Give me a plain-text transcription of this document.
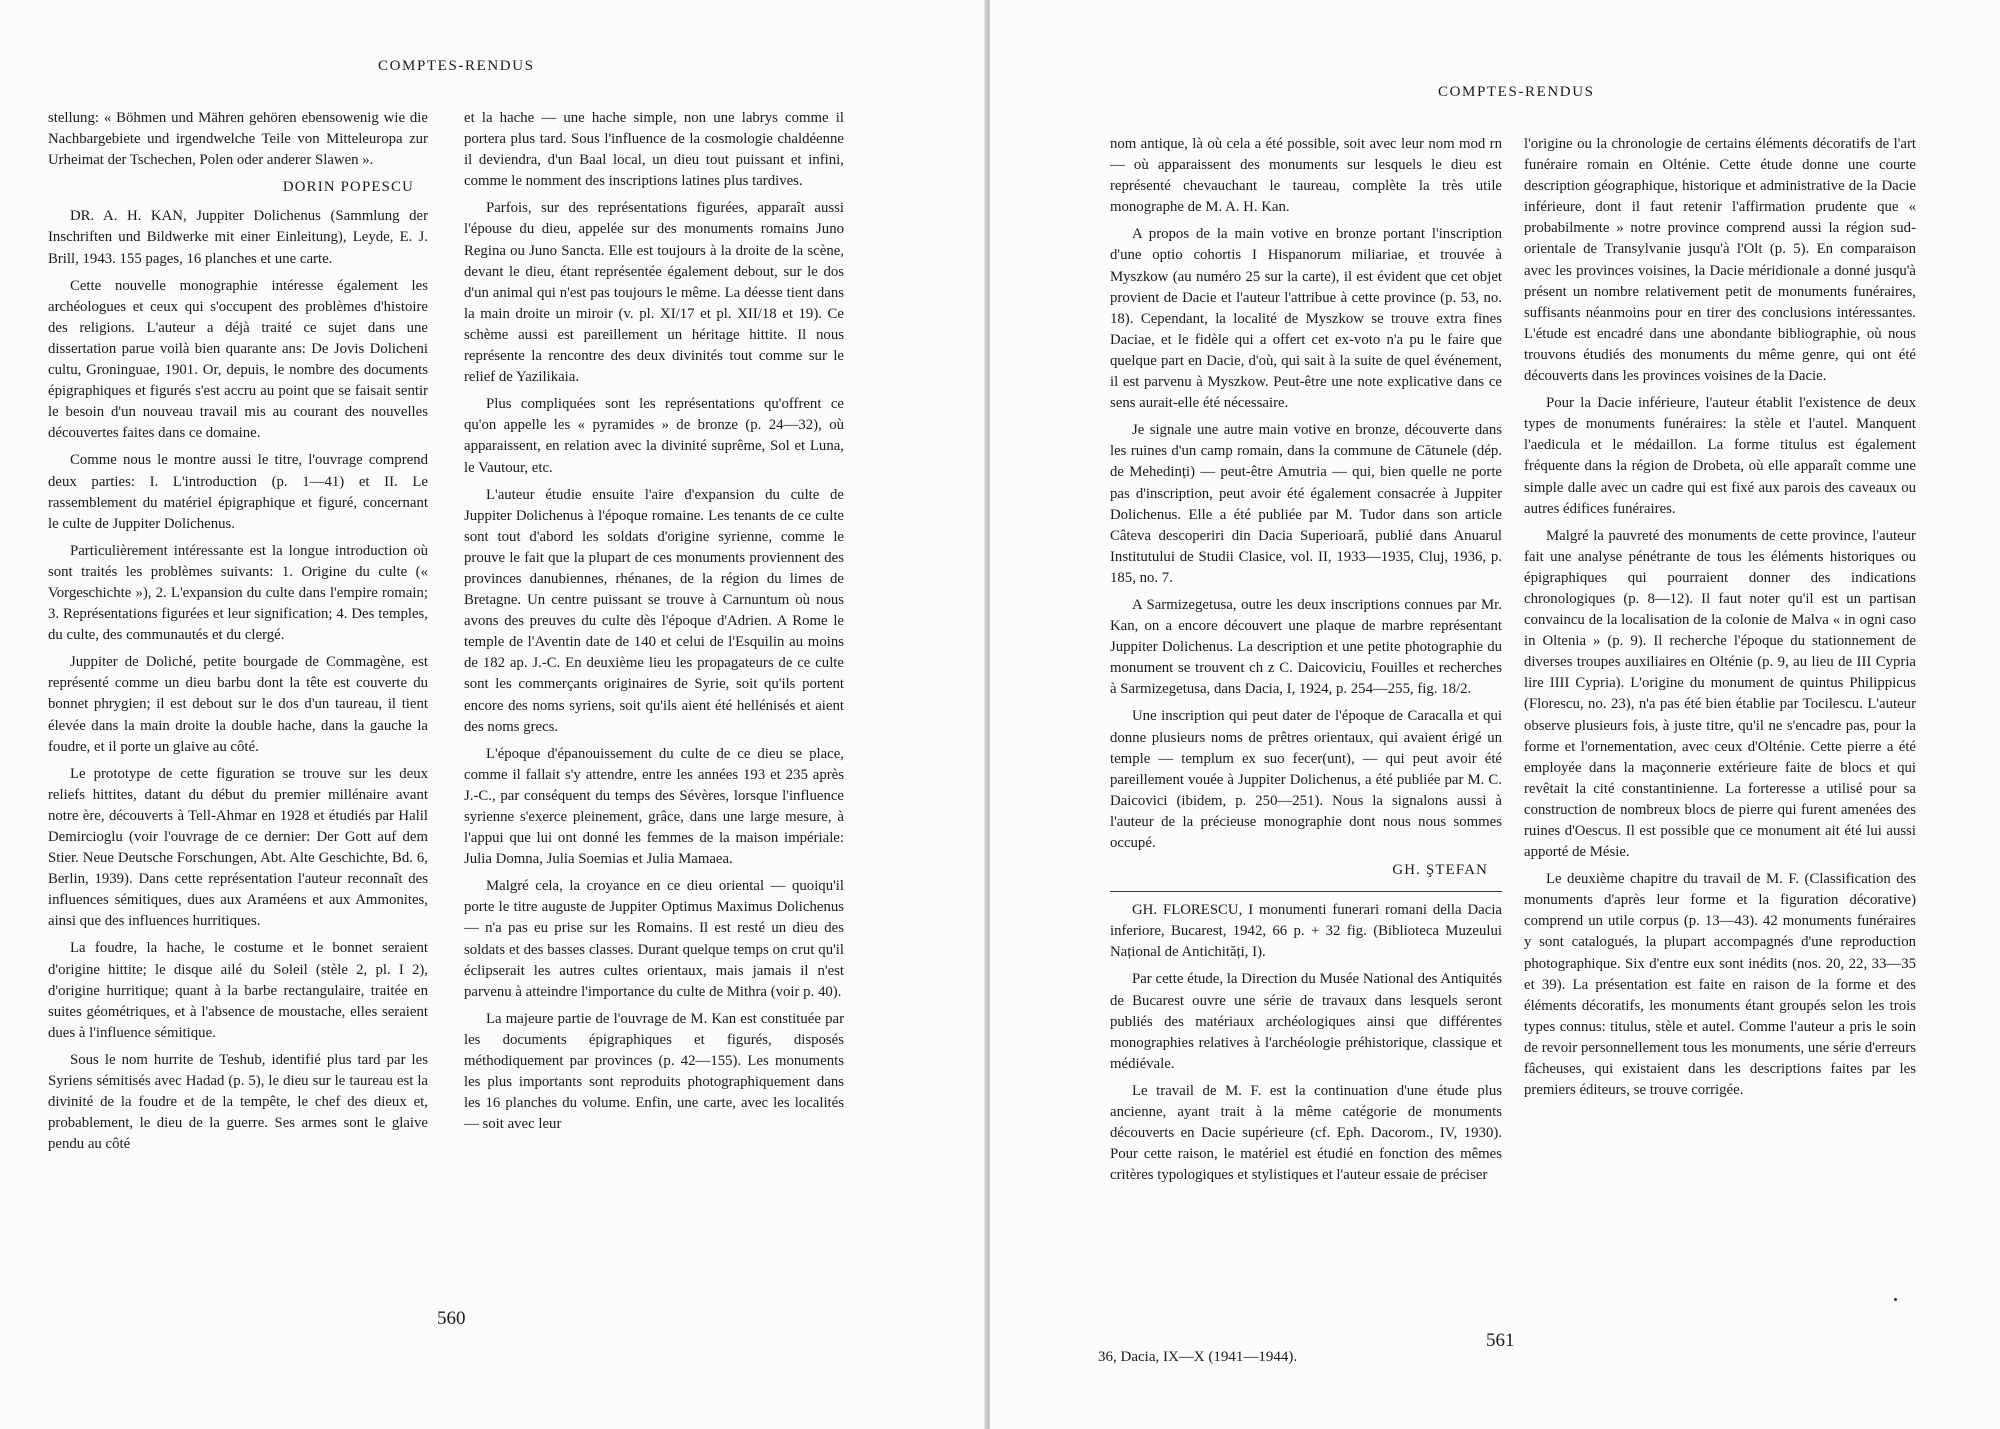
COMPTES-RENDUS

stellung: « Böhmen und Mähren gehören ebensowenig wie die Nachbargebiete und irgendwelche Teile von Mitteleuropa zur Urheimat der Tschechen, Polen oder anderer Slawen ».

DORIN POPESCU

DR. A. H. KAN, Juppiter Dolichenus (Sammlung der Inschriften und Bildwerke mit einer Einleitung), Leyde, E. J. Brill, 1943. 155 pages, 16 planches et une carte.

Cette nouvelle monographie intéresse également les archéologues et ceux qui s'occupent des problèmes d'histoire des religions. L'auteur a déjà traité ce sujet dans une dissertation parue voilà bien quarante ans: De Jovis Dolicheni cultu, Groninguae, 1901. Or, depuis, le nombre des documents épigraphiques et figurés s'est accru au point que se faisait sentir le besoin d'un nouveau travail mis au courant des nouvelles découvertes faites dans ce domaine.

Comme nous le montre aussi le titre, l'ouvrage comprend deux parties: I. L'introduction (p. 1—41) et II. Le rassemblement du matériel épigraphique et figuré, concernant le culte de Juppiter Dolichenus.

Particulièrement intéressante est la longue introduction où sont traités les problèmes suivants: 1. Origine du culte (« Vorgeschichte »), 2. L'expansion du culte dans l'empire romain; 3. Représentations figurées et leur signification; 4. Des temples, du culte, des communautés et du clergé.

Juppiter de Doliché, petite bourgade de Commagène, est représenté comme un dieu barbu dont la tête est couverte du bonnet phrygien; il est debout sur le dos d'un taureau, il tient élevée dans la main droite la double hache, dans la gauche la foudre, et il porte un glaive au côté.

Le prototype de cette figuration se trouve sur les deux reliefs hittites, datant du début du premier millénaire avant notre ère, découverts à Tell-Ahmar en 1928 et étudiés par Halil Demircioglu (voir l'ouvrage de ce dernier: Der Gott auf dem Stier. Neue Deutsche Forschungen, Abt. Alte Geschichte, Bd. 6, Berlin, 1939). Dans cette représentation l'auteur reconnaît des influences sémitiques, dues aux Araméens et aux Ammonites, ainsi que des influences hurritiques.

La foudre, la hache, le costume et le bonnet seraient d'origine hittite; le disque ailé du Soleil (stèle 2, pl. I 2), d'origine hurritique; quant à la barbe rectangulaire, traitée en suites géométriques, et à l'absence de moustache, elles seraient dues à l'influence sémitique.

Sous le nom hurrite de Teshub, identifié plus tard par les Syriens sémitisés avec Hadad (p. 5), le dieu sur le taureau est la divinité de la foudre et de la tempête, le chef des dieux et, probablement, le dieu de la guerre. Ses armes sont le glaive pendu au côté

et la hache — une hache simple, non une labrys comme il portera plus tard. Sous l'influence de la cosmologie chaldéenne il deviendra, d'un Baal local, un dieu tout puissant et infini, comme le nomment des inscriptions latines plus tardives.

Parfois, sur des représentations figurées, apparaît aussi l'épouse du dieu, appelée sur des monuments romains Juno Regina ou Juno Sancta. Elle est toujours à la droite de la scène, devant le dieu, étant représentée également debout, sur le dos d'un animal qui n'est pas toujours le même. La déesse tient dans la main droite un miroir (v. pl. XI/17 et pl. XII/18 et 19). Ce schème aussi est pareillement un héritage hittite. Il nous représente la rencontre des deux divinités tout comme sur le relief de Yazilikaia.

Plus compliquées sont les représentations qu'offrent ce qu'on appelle les « pyramides » de bronze (p. 24—32), où apparaissent, en relation avec la divinité suprême, Sol et Luna, le Vautour, etc.

L'auteur étudie ensuite l'aire d'expansion du culte de Juppiter Dolichenus à l'époque romaine. Les tenants de ce culte sont tout d'abord les soldats d'origine syrienne, comme le prouve le fait que la plupart de ces monuments proviennent des provinces danubiennes, rhénanes, de la région du limes de Bretagne. Un centre puissant se trouve à Carnuntum où nous avons des preuves du culte dès l'époque d'Adrien. A Rome le temple de l'Aventin date de 140 et celui de l'Esquilin au moins de 182 ap. J.-C. En deuxième lieu les propagateurs de ce culte sont les commerçants originaires de Syrie, soit qu'ils portent encore des noms syriens, soit qu'ils aient été hellénisés et aient des noms grecs.

L'époque d'épanouissement du culte de ce dieu se place, comme il fallait s'y attendre, entre les années 193 et 235 après J.-C., par conséquent du temps des Sévères, lorsque l'influence syrienne s'exerce pleinement, grâce, dans une large mesure, à l'appui que lui ont donné les femmes de la maison impériale: Julia Domna, Julia Soemias et Julia Mamaea.

Malgré cela, la croyance en ce dieu oriental — quoiqu'il porte le titre auguste de Juppiter Optimus Maximus Dolichenus — n'a pas eu prise sur les Romains. Il est resté un dieu des soldats et des basses classes. Durant quelque temps on crut qu'il éclipserait les autres cultes orientaux, mais jamais il n'est parvenu à atteindre l'importance du culte de Mithra (voir p. 40).

La majeure partie de l'ouvrage de M. Kan est constituée par les documents épigraphiques et figurés, disposés méthodiquement par provinces (p. 42—155). Les monuments les plus importants sont reproduits photographiquement dans les 16 planches du volume. Enfin, une carte, avec les localités — soit avec leur

560
COMPTES-RENDUS

nom antique, là où cela a été possible, soit avec leur nom mod rn — où apparaissent des monuments sur lesquels le dieu est représenté chevauchant le taureau, complète la très utile monographe de M. A. H. Kan.

A propos de la main votive en bronze portant l'inscription d'une optio cohortis I Hispanorum miliariae, et trouvée à Myszkow (au numéro 25 sur la carte), il est évident que cet objet provient de Dacie et l'auteur l'attribue à cette province (p. 53, no. 18). Cependant, la localité de Myszkow se trouve extra fines Daciae, et le fidèle qui a offert cet ex-voto n'a pu le faire que quelque part en Dacie, d'où, qui sait à la suite de quel événement, il est parvenu à Myszkow. Peut-être une note explicative dans ce sens aurait-elle été nécessaire.

Je signale une autre main votive en bronze, découverte dans les ruines d'un camp romain, dans la commune de Cătunele (dép. de Mehedinți) — peut-être Amutria — qui, bien quelle ne porte pas d'inscription, peut avoir été également consacrée à Juppiter Dolichenus. Elle a été publiée par M. Tudor dans son article Câteva descoperiri din Dacia Superioară, publié dans Anuarul Institutului de Studii Clasice, vol. II, 1933—1935, Cluj, 1936, p. 185, no. 7.

A Sarmizegetusa, outre les deux inscriptions connues par Mr. Kan, on a encore découvert une plaque de marbre représentant Juppiter Dolichenus. La description et une petite photographie du monument se trouvent ch z C. Daicoviciu, Fouilles et recherches à Sarmizegetusa, dans Dacia, I, 1924, p. 254—255, fig. 18/2.

Une inscription qui peut dater de l'époque de Caracalla et qui donne plusieurs noms de prêtres orientaux, qui avaient érigé un temple — templum ex suo fecer(unt), — qui peut avoir été pareillement vouée à Juppiter Dolichenus, a été publiée par M. C. Daicovici (ibidem, p. 250—251). Nous la signalons aussi à l'auteur de la précieuse monographie dont nous nous sommes occupé.

GH. ŞTEFAN

GH. FLORESCU, I monumenti funerari romani della Dacia inferiore, Bucarest, 1942, 66 p. + 32 fig. (Biblioteca Muzeului Național de Antichități, I).

Par cette étude, la Direction du Musée National des Antiquités de Bucarest ouvre une série de travaux dans lesquels seront publiés des matériaux archéologiques ainsi que différentes monographies relatives à l'archéologie préhistorique, classique et médiévale.

Le travail de M. F. est la continuation d'une étude plus ancienne, ayant trait à la même catégorie de monuments découverts en Dacie supérieure (cf. Eph. Dacorom., IV, 1930). Pour cette raison, le matériel est étudié en fonction des mêmes critères typologiques et stylistiques et l'auteur essaie de préciser

l'origine ou la chronologie de certains éléments décoratifs de l'art funéraire romain en Olténie. Cette étude donne une courte description géographique, historique et administrative de la Dacie inférieure, dont il faut retenir l'affirmation prudente que « probabilmente » notre province comprend aussi la région sud-orientale de Transylvanie jusqu'à l'Olt (p. 5). En comparaison avec les provinces voisines, la Dacie méridionale a donné jusqu'à présent un nombre relativement petit de monuments funéraires, suffisants néanmoins pour en tirer des conclusions intéressantes. L'étude est encadré dans une abondante bibliographie, où nous trouvons étudiés des monuments du même genre, qui ont été découverts dans les provinces voisines de la Dacie.

Pour la Dacie inférieure, l'auteur établit l'existence de deux types de monuments funéraires: la stèle et l'autel. Manquent l'aedicula et le médaillon. La forme titulus est également fréquente dans la région de Drobeta, où elle apparaît comme une simple dalle avec un cadre qui est fixé aux parois des caveaux ou autres édifices funéraires.

Malgré la pauvreté des monuments de cette province, l'auteur fait une analyse pénétrante de tous les éléments historiques ou épigraphiques qui pourraient donner des indications chronologiques (p. 8—12). Il faut noter qu'il est un partisan convaincu de la localisation de la colonie de Malva « in ogni caso in Oltenia » (p. 9). Il recherche l'époque du stationnement de diverses troupes auxiliaires en Olténie (p. 9, au lieu de III Cypria lire IIII Cypria). L'origine du monument de quintus Philippicus (Florescu, no. 23), n'a pas été bien établie par Tocilescu. L'auteur observe plusieurs fois, à juste titre, qu'il ne s'encadre pas, pour la forme et l'ornementation, avec ceux d'Olténie. Cette pierre a été employée dans la maçonnerie extérieure faite de blocs et qui revêtait la cité constantinienne. La forteresse a utilisé pour sa construction de nombreux blocs de pierre qui furent amenées des ruines d'Oescus. Il est possible que ce monument ait été lui aussi apporté de Mésie.

Le deuxième chapitre du travail de M. F. (Classification des monuments d'après leur forme et la figuration décorative) comprend un utile corpus (p. 13—43). 42 monuments funéraires y sont catalogués, la plupart accompagnés d'une reproduction photographique. Six d'entre eux sont inédits (nos. 20, 22, 33—35 et 39). La présentation est faite en raison de la forme et des éléments décoratifs, les monuments étant groupés selon les trois types connus: titulus, stèle et autel. Comme l'auteur a pris le soin de revoir personnellement tous les monuments, une série d'erreurs fâcheuses, qui existaient dans les descriptions faites par les premiers éditeurs, se trouve corrigée.

561
36, Dacia, IX—X (1941—1944).
